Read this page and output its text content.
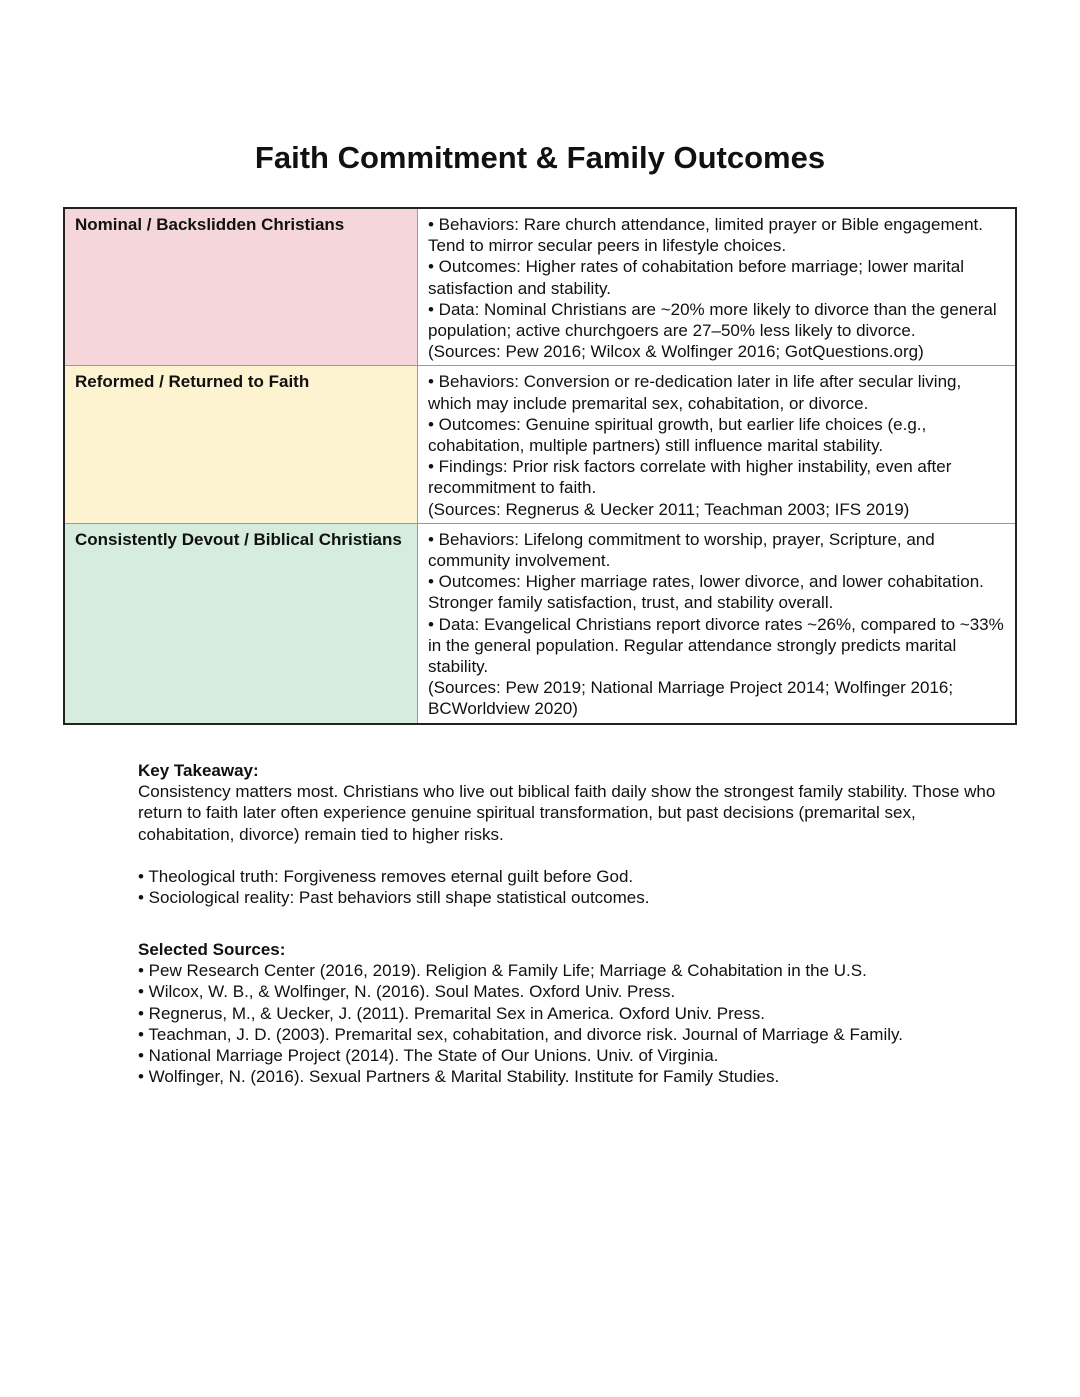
Faith Commitment & Family Outcomes
Nominal / Backslidden Christians	• Behaviors: Rare church attendance, limited prayer or Bible engagement. Tend to mirror secular peers in lifestyle choices.
• Outcomes: Higher rates of cohabitation before marriage; lower marital satisfaction and stability.
• Data: Nominal Christians are ~20% more likely to divorce than the general population; active churchgoers are 27–50% less likely to divorce.
(Sources: Pew 2016; Wilcox & Wolfinger 2016; GotQuestions.org)

Reformed / Returned to Faith	• Behaviors: Conversion or re-dedication later in life after secular living, which may include premarital sex, cohabitation, or divorce.
• Outcomes: Genuine spiritual growth, but earlier life choices (e.g., cohabitation, multiple partners) still influence marital stability.
• Findings: Prior risk factors correlate with higher instability, even after recommitment to faith.
(Sources: Regnerus & Uecker 2011; Teachman 2003; IFS 2019)

Consistently Devout / Biblical Christians	• Behaviors: Lifelong commitment to worship, prayer, Scripture, and community involvement.
• Outcomes: Higher marriage rates, lower divorce, and lower cohabitation. Stronger family satisfaction, trust, and stability overall.
• Data: Evangelical Christians report divorce rates ~26%, compared to ~33% in the general population. Regular attendance strongly predicts marital stability.
(Sources: Pew 2019; National Marriage Project 2014; Wolfinger 2016; BCWorldview 2020)
Key Takeaway:
Consistency matters most. Christians who live out biblical faith daily show the strongest family stability. Those who return to faith later often experience genuine spiritual transformation, but past decisions (premarital sex, cohabitation, divorce) remain tied to higher risks.
• Theological truth: Forgiveness removes eternal guilt before God.
• Sociological reality: Past behaviors still shape statistical outcomes.
Selected Sources:
• Pew Research Center (2016, 2019). Religion & Family Life; Marriage & Cohabitation in the U.S.
• Wilcox, W. B., & Wolfinger, N. (2016). Soul Mates. Oxford Univ. Press.
• Regnerus, M., & Uecker, J. (2011). Premarital Sex in America. Oxford Univ. Press.
• Teachman, J. D. (2003). Premarital sex, cohabitation, and divorce risk. Journal of Marriage & Family.
• National Marriage Project (2014). The State of Our Unions. Univ. of Virginia.
• Wolfinger, N. (2016). Sexual Partners & Marital Stability. Institute for Family Studies.
